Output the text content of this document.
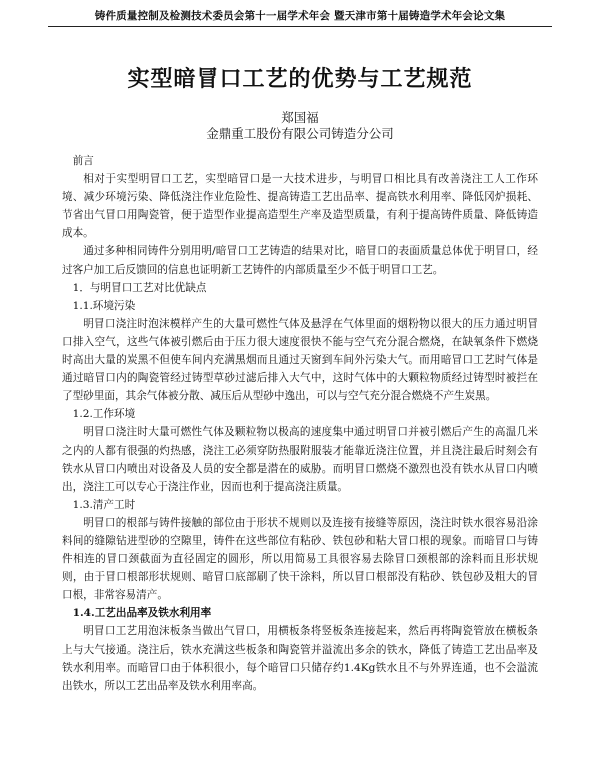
铸件质量控制及检测技术委员会第十一届学术年会 暨天津市第十届铸造学术年会论文集
实型暗冒口工艺的优势与工艺规范
郑国福
金鼎重工股份有限公司铸造分公司

前言

相对于实型明冒口工艺，实型暗冒口是一大技术进步，与明冒口相比具有改善浇注工人工作环境、减少环境污染、降低浇注作业危险性、提高铸造工艺出品率、提高铁水利用率、降低冈炉损耗、节省出气冒口用陶瓷管，便于造型作业提高造型生产率及造型质量，有利于提高铸件质量、降低铸造成本。

通过多种相同铸件分别用明/暗冒口工艺铸造的结果对比，暗冒口的表面质量总体优于明冒口，经过客户加工后反馈回的信息也证明新工艺铸件的内部质量至少不低于明冒口工艺。

1．与明冒口工艺对比优缺点

1.1.环境污染

明冒口浇注时泡沫模样产生的大量可燃性气体及悬浮在气体里面的烟粉物以很大的压力通过明冒口排入空气，这些气体被引燃后由于压力很大速度很快不能与空气充分混合燃烧，在缺氧条件下燃烧时高出大量的炭黑不但使车间内充满黑烟而且通过天窗到车间外污染大气。而用暗冒口工艺时气体是通过暗冒口内的陶瓷管经过铸型草砂过滤后排入大气中，这时气体中的大颗粒物质经过铸型时被拦在了型砂里面，其余气体被分散、减压后从型砂中逸出，可以与空气充分混合燃烧不产生炭黑。

1.2.工作环境

明冒口浇注时大量可燃性气体及颗粒物以极高的速度集中通过明冒口并被引燃后产生的高温几米之内的人都有很强的灼热感，浇注工必须穿防热服附服装才能靠近浇注位置，并且浇注最后时刻会有铁水从冒口内喷出对设备及人员的安全都是潜在的威胁。而明冒口燃烧不激烈也没有铁水从冒口内喷出，浇注工可以专心于浇注作业，因而也利于提高浇注质量。

1.3.清产工时

明冒口的根部与铸件接触的部位由于形状不规则以及连接有接缝等原因，浇注时铁水很容易沿涂料间的缝隙钻进型砂的空隙里，铸件在这些部位有粘砂、铁包砂和粘大冒口根的现象。而暗冒口与铸件相连的冒口颈截面为直径固定的圆形，所以用简易工具很容易去除冒口颈根部的涂料而且形状规则，由于冒口根部形状规则、暗冒口底部刷了快干涂料，所以冒口根部没有粘砂、铁包砂及粗大的冒口根，非常容易清产。

1.4.工艺出品率及铁水利用率

明冒口工艺用泡沫板条当做出气冒口，用横板条将竖板条连接起来，然后再将陶瓷管放在横板条上与大气接通。浇注后，铁水充满这些板条和陶瓷管并溢流出多余的铁水，降低了铸造工艺出品率及铁水利用率。而暗冒口由于体积很小，每个暗冒口只储存约1.4Kg铁水且不与外界连通，也不会溢流出铁水，所以工艺出品率及铁水利用率高。
